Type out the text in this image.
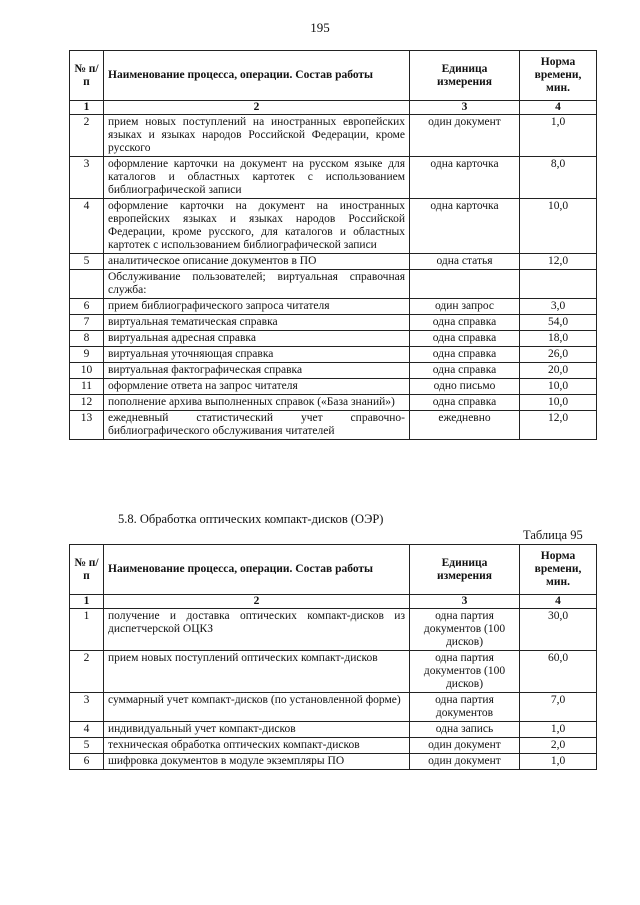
195
№ п/п	Наименование процесса, операции. Состав работы	Единица измерения	Норма времени, мин.
1	2	3	4
2	прием новых поступлений на иностранных европейских языках и языках народов Российской Федерации, кроме русского	один документ	1,0
3	оформление карточки на документ на русском языке для каталогов и областных картотек с использованием библиографической записи	одна карточка	8,0
4	оформление карточки на документ на иностранных европейских языках и языках народов Российской Федерации, кроме русского, для каталогов и областных картотек с использованием библиографической записи	одна карточка	10,0
5	аналитическое описание документов в ПО	одна статья	12,0
	Обслуживание пользователей; виртуальная справочная служба:		
6	прием библиографического запроса читателя	один запрос	3,0
7	виртуальная тематическая справка	одна справка	54,0
8	виртуальная адресная справка	одна справка	18,0
9	виртуальная уточняющая справка	одна справка	26,0
10	виртуальная фактографическая справка	одна справка	20,0
11	оформление ответа на запрос читателя	одно письмо	10,0
12	пополнение архива выполненных справок («База знаний»)	одна справка	10,0
13	ежедневный статистический учет справочно-библиографического обслуживания читателей	ежедневно	12,0
5.8. Обработка оптических компакт-дисков (ОЭР)
Таблица 95
№ п/п	Наименование процесса, операции. Состав работы	Единица измерения	Норма времени, мин.
1	2	3	4
1	получение и доставка оптических компакт-дисков из диспетчерской ОЦКЗ	одна партия документов (100 дисков)	30,0
2	прием новых поступлений оптических компакт-дисков	одна партия документов (100 дисков)	60,0
3	суммарный учет компакт-дисков (по установленной форме)	одна партия документов	7,0
4	индивидуальный учет компакт-дисков	одна запись	1,0
5	техническая обработка оптических компакт-дисков	один документ	2,0
6	шифровка документов в модуле экземпляры ПО	один документ	1,0
